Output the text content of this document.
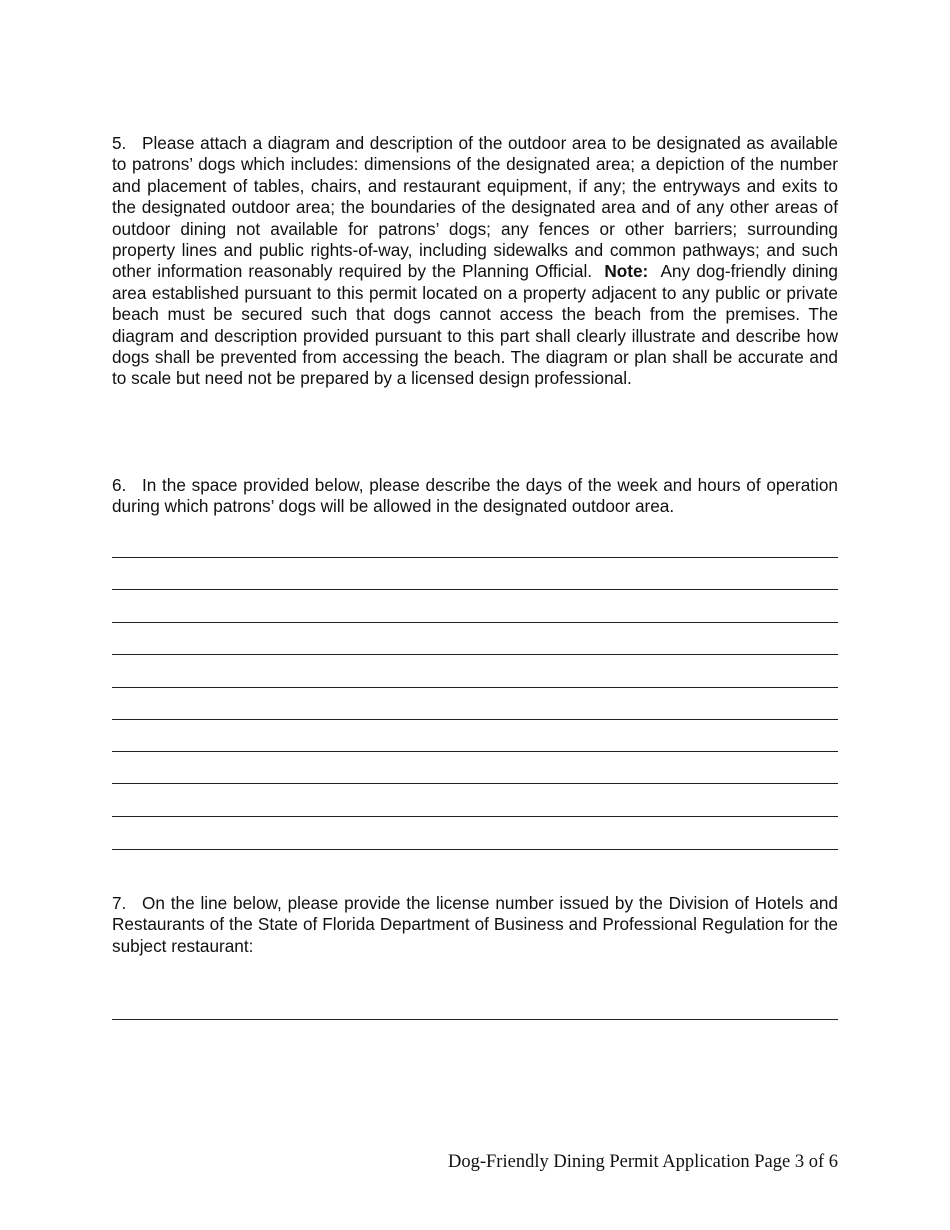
5. Please attach a diagram and description of the outdoor area to be designated as available to patrons’ dogs which includes: dimensions of the designated area; a depiction of the number and placement of tables, chairs, and restaurant equipment, if any; the entryways and exits to the designated outdoor area; the boundaries of the designated area and of any other areas of outdoor dining not available for patrons’ dogs; any fences or other barriers; surrounding property lines and public rights-of-way, including sidewalks and common pathways; and such other information reasonably required by the Planning Official. Note: Any dog-friendly dining area established pursuant to this permit located on a property adjacent to any public or private beach must be secured such that dogs cannot access the beach from the premises. The diagram and description provided pursuant to this part shall clearly illustrate and describe how dogs shall be prevented from accessing the beach. The diagram or plan shall be accurate and to scale but need not be prepared by a licensed design professional.

6. In the space provided below, please describe the days of the week and hours of operation during which patrons’ dogs will be allowed in the designated outdoor area.

7. On the line below, please provide the license number issued by the Division of Hotels and Restaurants of the State of Florida Department of Business and Professional Regulation for the subject restaurant:

Dog-Friendly Dining Permit Application Page 3 of 6
